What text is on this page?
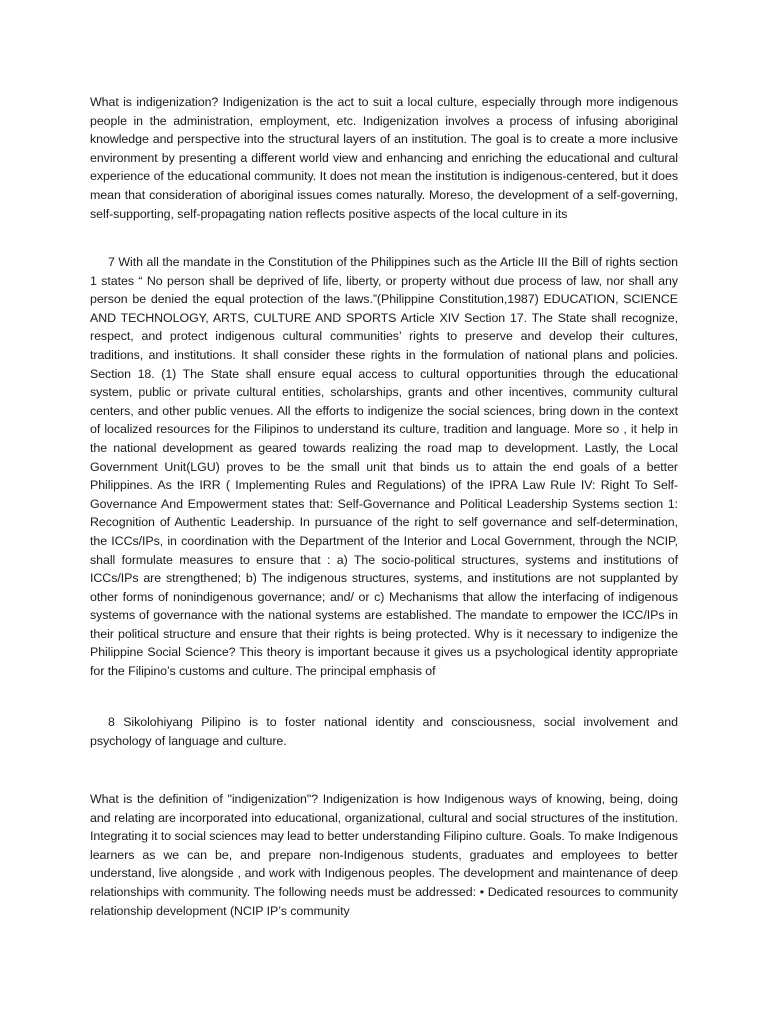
What is indigenization? Indigenization is the act to suit a local culture, especially through more indigenous people in the administration, employment, etc. Indigenization involves a process of infusing aboriginal knowledge and perspective into the structural layers of an institution. The goal is to create a more inclusive environment by presenting a different world view and enhancing and enriching the educational and cultural experience of the educational community. It does not mean the institution is indigenous-centered, but it does mean that consideration of aboriginal issues comes naturally. Moreso, the development of a self-governing, self-supporting, self-propagating nation reflects positive aspects of the local culture in its

7 With all the mandate in the Constitution of the Philippines such as the Article III the Bill of rights section 1 states “ No person shall be deprived of life, liberty, or property without due process of law, nor shall any person be denied the equal protection of the laws.”(Philippine Constitution,1987) EDUCATION, SCIENCE AND TECHNOLOGY, ARTS, CULTURE AND SPORTS Article XIV Section 17. The State shall recognize, respect, and protect indigenous cultural communities’ rights to preserve and develop their cultures, traditions, and institutions. It shall consider these rights in the formulation of national plans and policies. Section 18. (1) The State shall ensure equal access to cultural opportunities through the educational system, public or private cultural entities, scholarships, grants and other incentives, community cultural centers, and other public venues. All the efforts to indigenize the social sciences, bring down in the context of localized resources for the Filipinos to understand its culture, tradition and language. More so , it help in the national development as geared towards realizing the road map to development. Lastly, the Local Government Unit(LGU) proves to be the small unit that binds us to attain the end goals of a better Philippines. As the IRR ( Implementing Rules and Regulations) of the IPRA Law Rule IV: Right To Self-Governance And Empowerment states that: Self-Governance and Political Leadership Systems section 1: Recognition of Authentic Leadership. In pursuance of the right to self governance and self-determination, the ICCs/IPs, in coordination with the Department of the Interior and Local Government, through the NCIP, shall formulate measures to ensure that : a) The socio-political structures, systems and institutions of ICCs/IPs are strengthened; b) The indigenous structures, systems, and institutions are not supplanted by other forms of nonindigenous governance; and/ or c) Mechanisms that allow the interfacing of indigenous systems of governance with the national systems are established. The mandate to empower the ICC/IPs in their political structure and ensure that their rights is being protected. Why is it necessary to indigenize the Philippine Social Science? This theory is important because it gives us a psychological identity appropriate for the Filipino’s customs and culture. The principal emphasis of

8 Sikolohiyang Pilipino is to foster national identity and consciousness, social involvement and psychology of language and culture.

What is the definition of "indigenization"? Indigenization is how Indigenous ways of knowing, being, doing and relating are incorporated into educational, organizational, cultural and social structures of the institution. Integrating it to social sciences may lead to better understanding Filipino culture. Goals. To make Indigenous learners as we can be, and prepare non-Indigenous students, graduates and employees to better understand, live alongside , and work with Indigenous peoples. The development and maintenance of deep relationships with community. The following needs must be addressed: • Dedicated resources to community relationship development (NCIP IP’s community
